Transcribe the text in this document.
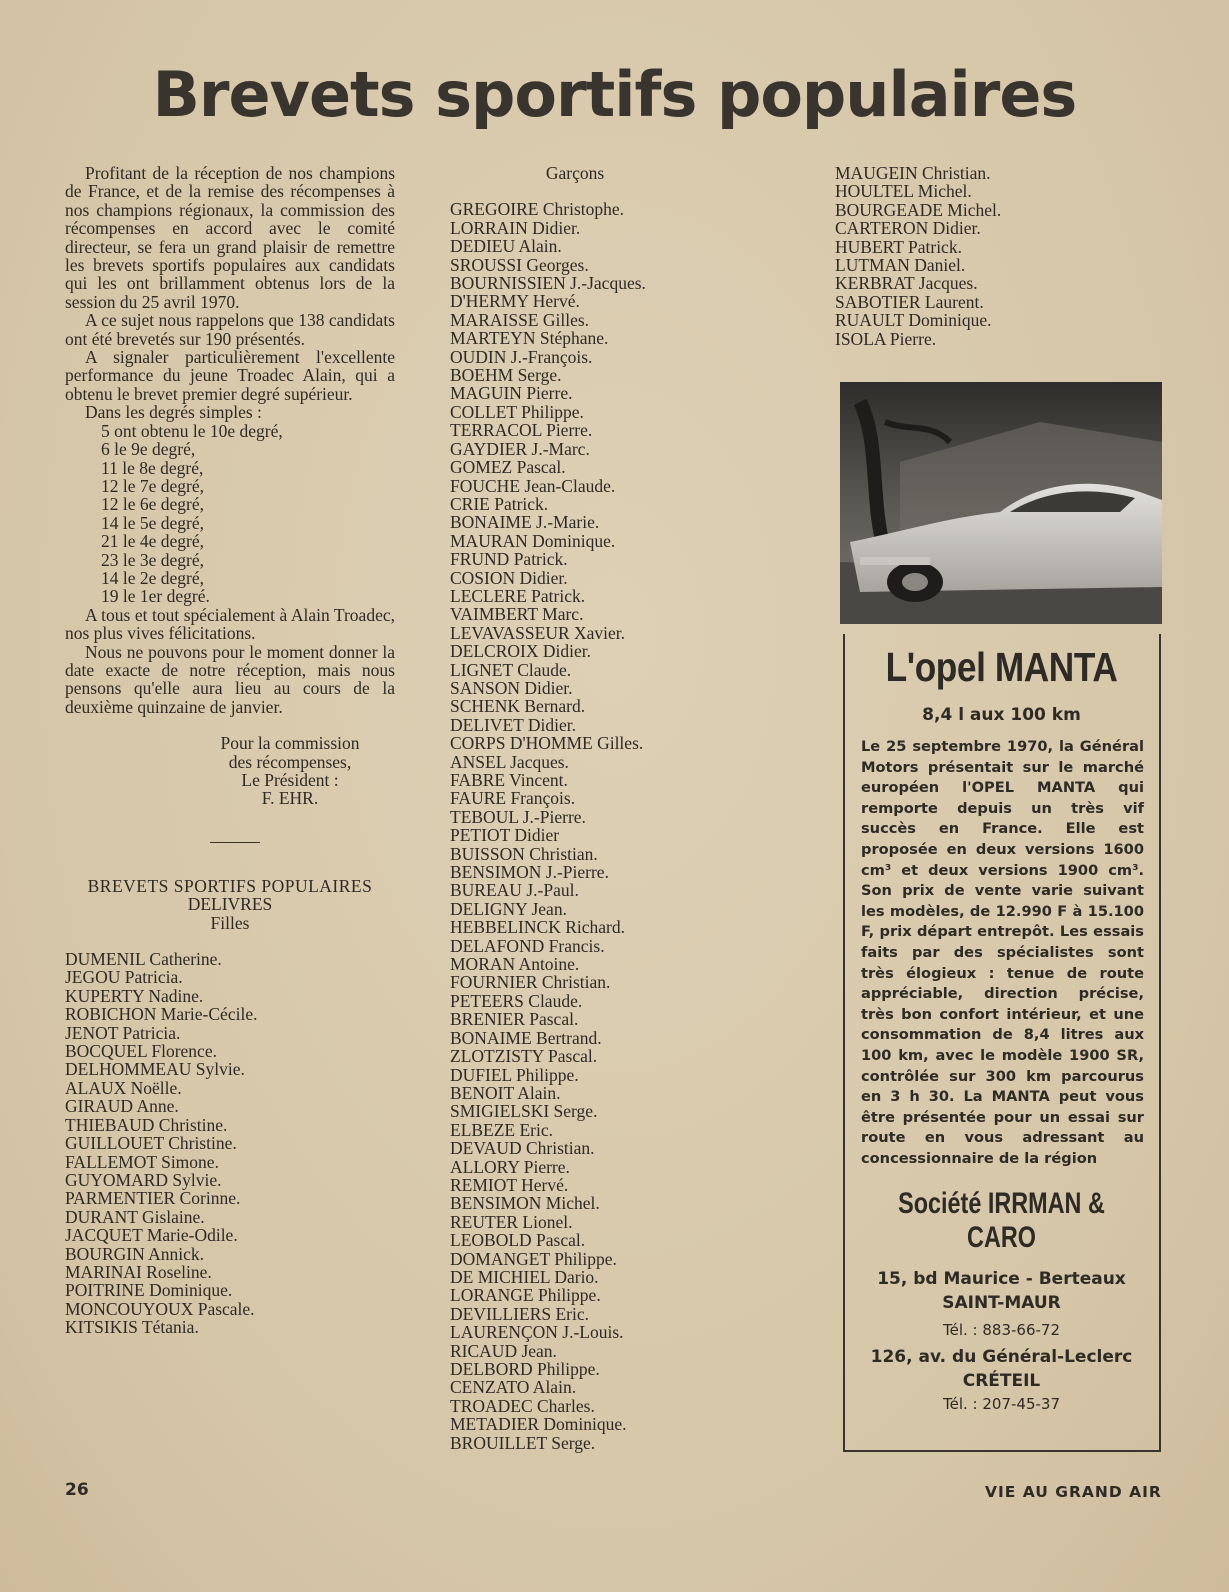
Brevets sportifs populaires

Profitant de la réception de nos champions de France, et de la remise des récompenses à nos champions régionaux, la commission des récompenses en accord avec le comité directeur, se fera un grand plaisir de remettre les brevets sportifs populaires aux candidats qui les ont brillamment obtenus lors de la session du 25 avril 1970.

A ce sujet nous rappelons que 138 candidats ont été brevetés sur 190 présentés.

A signaler particulièrement l'excellente performance du jeune Troadec Alain, qui a obtenu le brevet premier degré supérieur.

Dans les degrés simples :

5 ont obtenu le 10e degré,
6 le 9e degré,
11 le 8e degré,
12 le 7e degré,
12 le 6e degré,
14 le 5e degré,
21 le 4e degré,
23 le 3e degré,
14 le 2e degré,
19 le 1er degré.

A tous et tout spécialement à Alain Troadec, nos plus vives félicitations.

Nous ne pouvons pour le moment donner la date exacte de notre réception, mais nous pensons qu'elle aura lieu au cours de la deuxième quinzaine de janvier.

Pour la commission
des récompenses,
Le Président :
F. EHR.
BREVETS SPORTIFS POPULAIRES
DELIVRES
Filles
DUMENIL Catherine.
JEGOU Patricia.
KUPERTY Nadine.
ROBICHON Marie-Cécile.
JENOT Patricia.
BOCQUEL Florence.
DELHOMMEAU Sylvie.
ALAUX Noëlle.
GIRAUD Anne.
THIEBAUD Christine.
GUILLOUET Christine.
FALLEMOT Simone.
GUYOMARD Sylvie.
PARMENTIER Corinne.
DURANT Gislaine.
JACQUET Marie-Odile.
BOURGIN Annick.
MARINAI Roseline.
POITRINE Dominique.
MONCOUYOUX Pascale.
KITSIKIS Tétania.
Garçons
GREGOIRE Christophe.
LORRAIN Didier.
DEDIEU Alain.
SROUSSI Georges.
BOURNISSIEN J.-Jacques.
D'HERMY Hervé.
MARAISSE Gilles.
MARTEYN Stéphane.
OUDIN J.-François.
BOEHM Serge.
MAGUIN Pierre.
COLLET Philippe.
TERRACOL Pierre.
GAYDIER J.-Marc.
GOMEZ Pascal.
FOUCHE Jean-Claude.
CRIE Patrick.
BONAIME J.-Marie.
MAURAN Dominique.
FRUND Patrick.
COSION Didier.
LECLERE Patrick.
VAIMBERT Marc.
LEVAVASSEUR Xavier.
DELCROIX Didier.
LIGNET Claude.
SANSON Didier.
SCHENK Bernard.
DELIVET Didier.
CORPS D'HOMME Gilles.
ANSEL Jacques.
FABRE Vincent.
FAURE François.
TEBOUL J.-Pierre.
PETIOT Didier
BUISSON Christian.
BENSIMON J.-Pierre.
BUREAU J.-Paul.
DELIGNY Jean.
HEBBELINCK Richard.
DELAFOND Francis.
MORAN Antoine.
FOURNIER Christian.
PETEERS Claude.
BRENIER Pascal.
BONAIME Bertrand.
ZLOTZISTY Pascal.
DUFIEL Philippe.
BENOIT Alain.
SMIGIELSKI Serge.
ELBEZE Eric.
DEVAUD Christian.
ALLORY Pierre.
REMIOT Hervé.
BENSIMON Michel.
REUTER Lionel.
LEOBOLD Pascal.
DOMANGET Philippe.
DE MICHIEL Dario.
LORANGE Philippe.
DEVILLIERS Eric.
LAURENÇON J.-Louis.
RICAUD Jean.
DELBORD Philippe.
CENZATO Alain.
TROADEC Charles.
METADIER Dominique.
BROUILLET Serge.
MAUGEIN Christian.
HOULTEL Michel.
BOURGEADE Michel.
CARTERON Didier.
HUBERT Patrick.
LUTMAN Daniel.
KERBRAT Jacques.
SABOTIER Laurent.
RUAULT Dominique.
ISOLA Pierre.
L'opel MANTA
8,4 l aux 100 km
Le 25 septembre 1970, la Général Motors présentait sur le marché européen l'OPEL MANTA qui remporte depuis un très vif succès en France. Elle est proposée en deux versions 1600 cm³ et deux versions 1900 cm³. Son prix de vente varie suivant les modèles, de 12.990 F à 15.100 F, prix départ entrepôt. Les essais faits par des spécialistes sont très élogieux : tenue de route appréciable, direction précise, très bon confort intérieur, et une consommation de 8,4 litres aux 100 km, avec le modèle 1900 SR, contrôlée sur 300 km parcourus en 3 h 30. La MANTA peut vous être présentée pour un essai sur route en vous adressant au concessionnaire de la région
Société IRRMAN & CARO
15, bd Maurice - Berteaux
SAINT-MAUR
Tél. : 883-66-72
126, av. du Général-Leclerc
CRÉTEIL
Tél. : 207-45-37
26	VIE AU GRAND AIR
